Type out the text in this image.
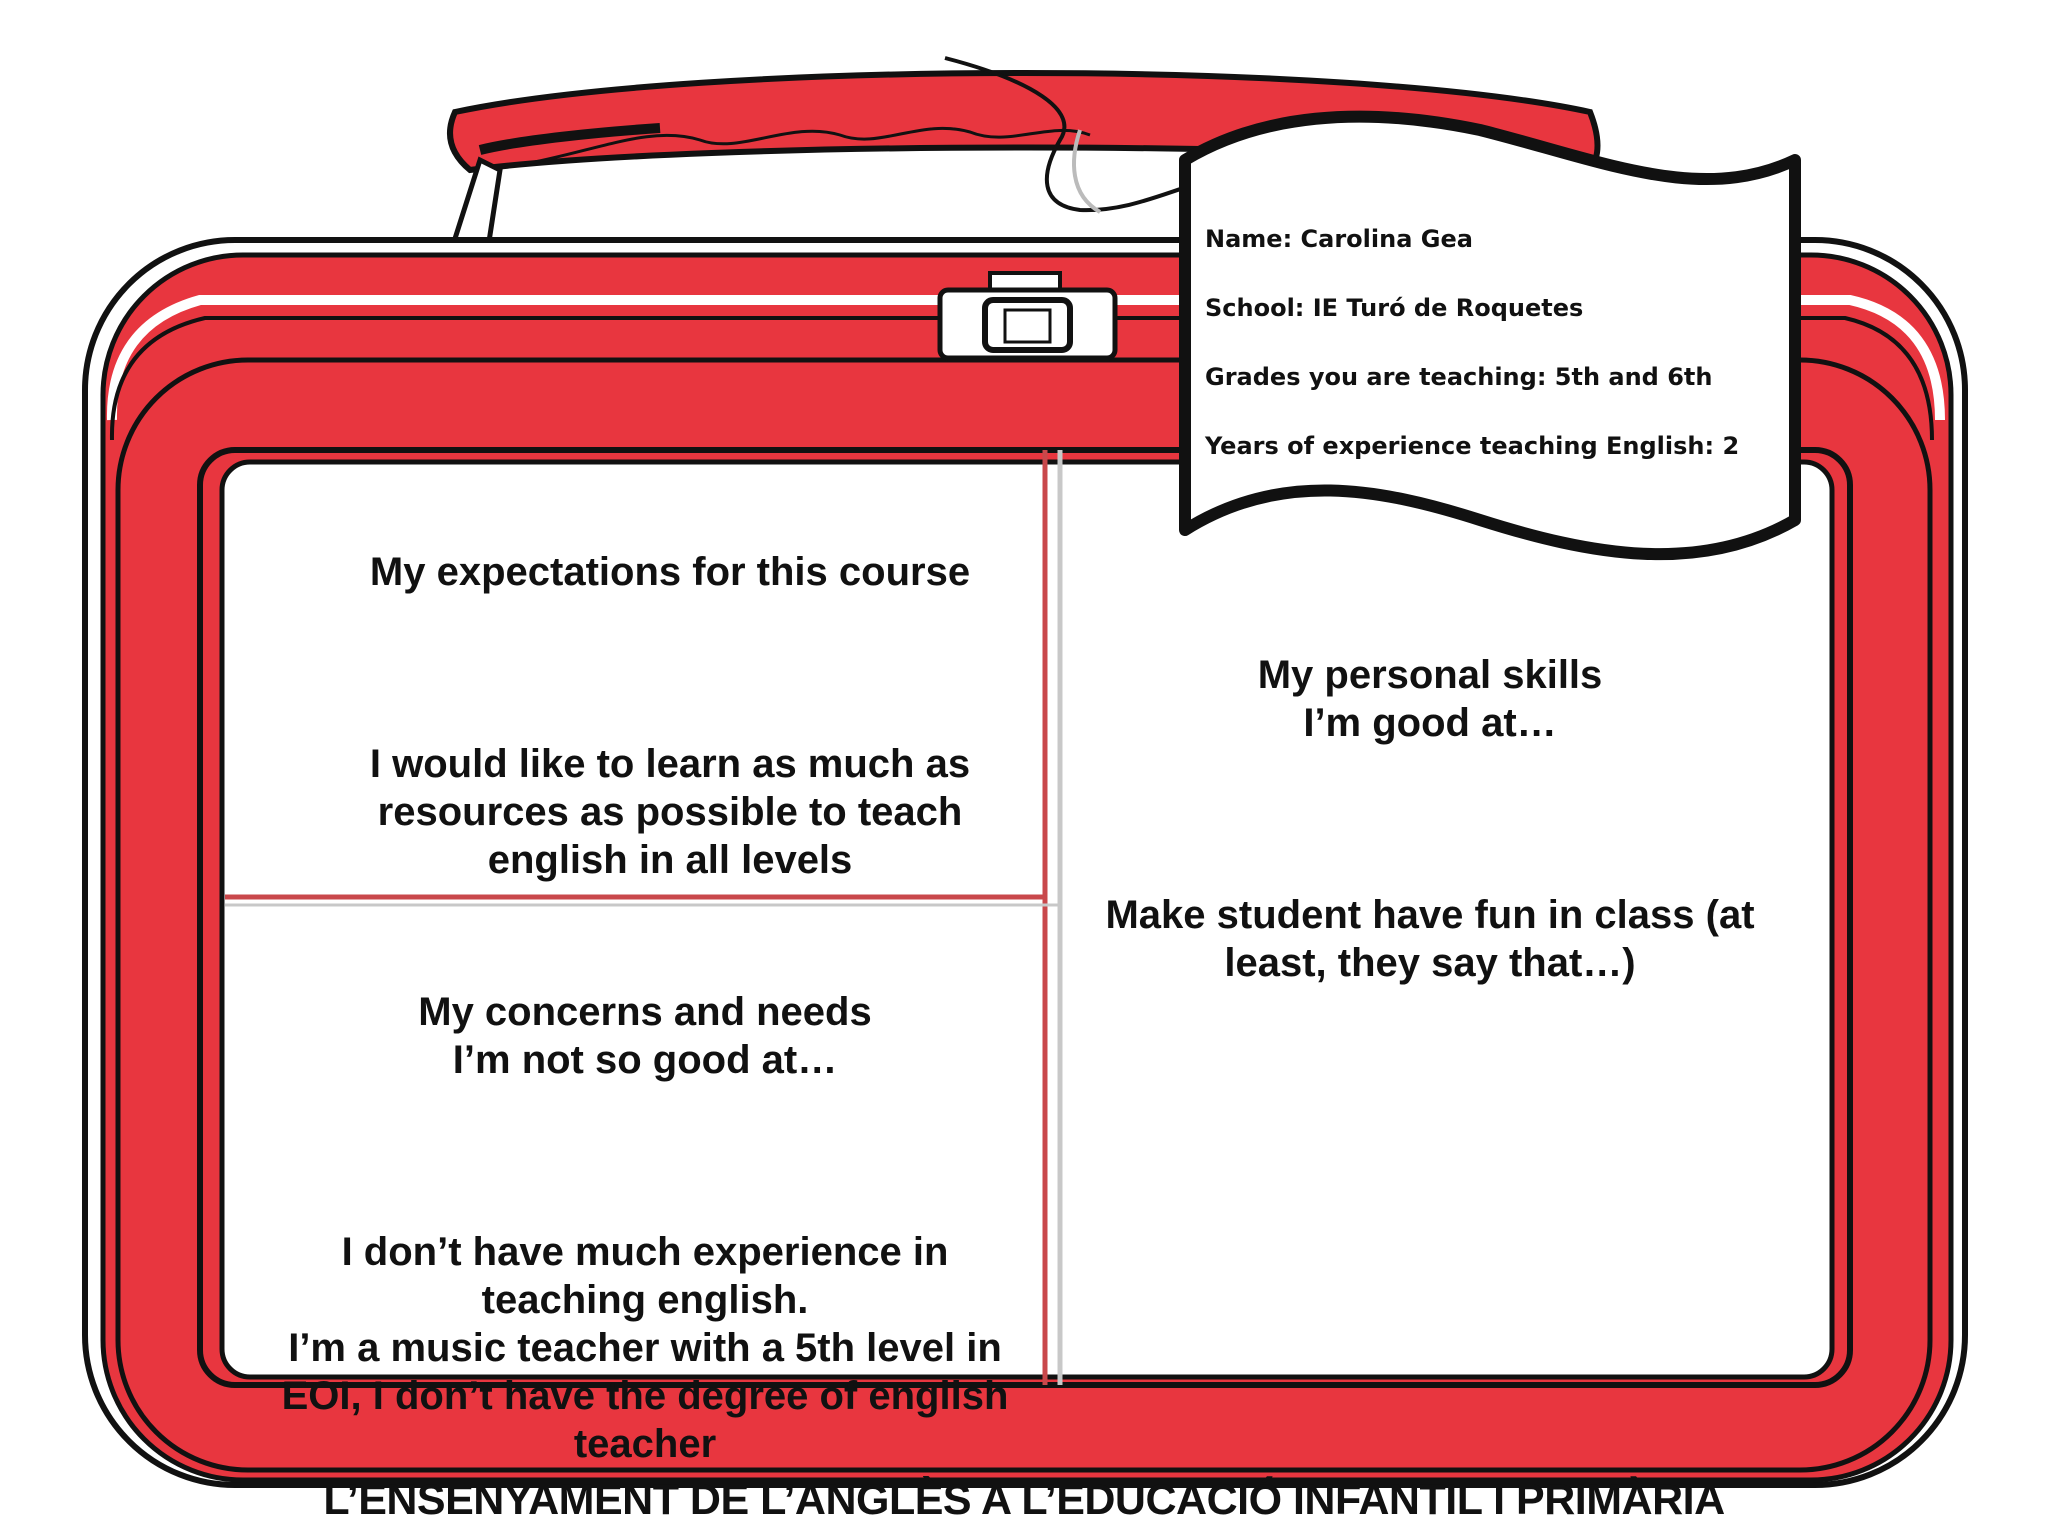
Name: Carolina Gea
School: IE Turó de Roquetes
Grades you are teaching: 5th and 6th
Years of experience teaching English: 2

My expectations for this course

I would like to learn as much as
resources as possible to teach
english in all levels

My personal skills
I’m good at…

Make student have fun in class (at
least, they say that…)

My concerns and needs
I’m not so good at…

I don’t have much experience in
teaching english.
I’m a music teacher with a 5th level in
EOI, I don’t have the degree of english
teacher

L’ENSENYAMENT DE L’ANGLÈS A L’EDUCACIÓ INFANTIL I PRIMÀRIA
